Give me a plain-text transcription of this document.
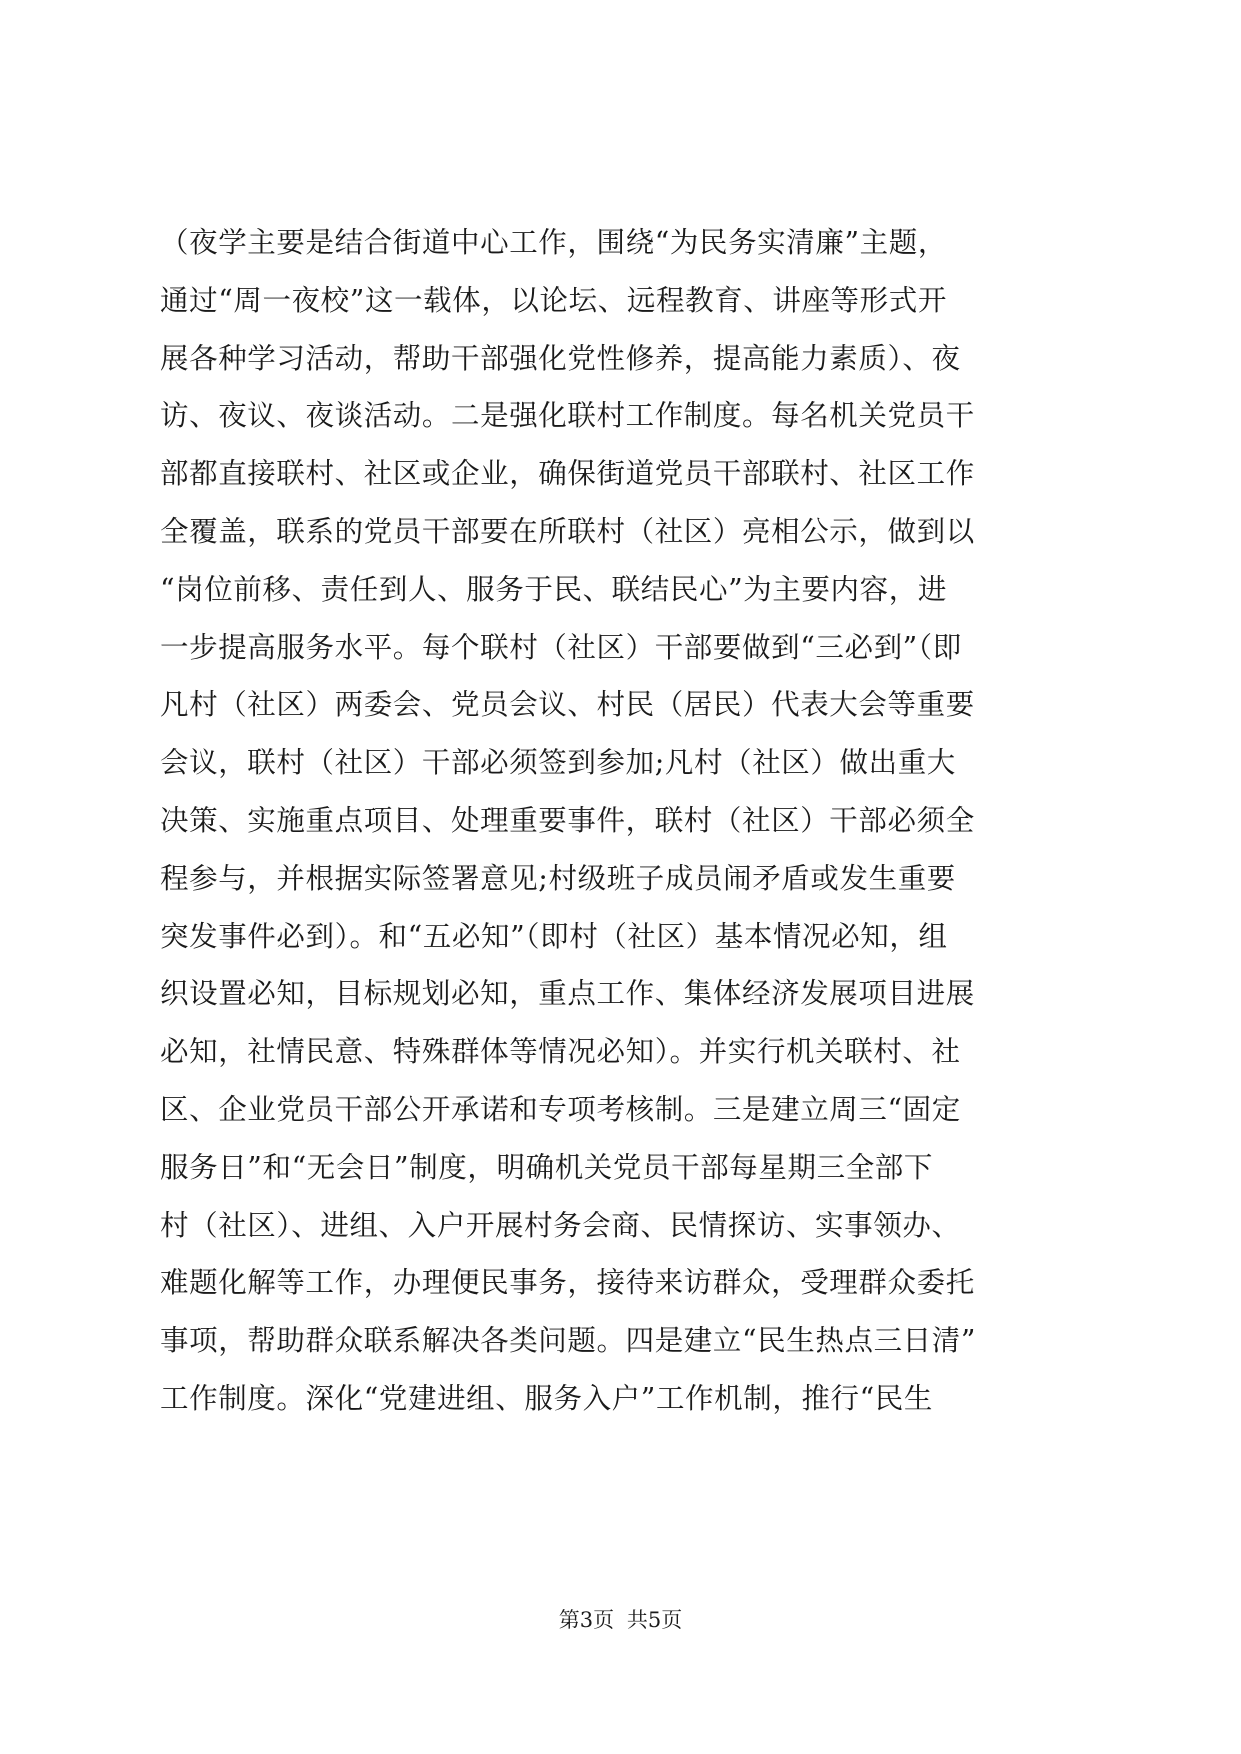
（夜学主要是结合街道中心工作，围绕“为民务实清廉”主题，
通过“周一夜校”这一载体，以论坛、远程教育、讲座等形式开
展各种学习活动，帮助干部强化党性修养，提高能力素质）、夜
访、夜议、夜谈活动。二是强化联村工作制度。每名机关党员干
部都直接联村、社区或企业，确保街道党员干部联村、社区工作
全覆盖，联系的党员干部要在所联村（社区）亮相公示，做到以
“岗位前移、责任到人、服务于民、联结民心”为主要内容，进
一步提高服务水平。每个联村（社区）干部要做到“三必到”（即
凡村（社区）两委会、党员会议、村民（居民）代表大会等重要
会议，联村（社区）干部必须签到参加;凡村（社区）做出重大
决策、实施重点项目、处理重要事件，联村（社区）干部必须全
程参与，并根据实际签署意见;村级班子成员闹矛盾或发生重要
突发事件必到）。和“五必知”（即村（社区）基本情况必知，组
织设置必知，目标规划必知，重点工作、集体经济发展项目进展
必知，社情民意、特殊群体等情况必知）。并实行机关联村、社
区、企业党员干部公开承诺和专项考核制。三是建立周三“固定
服务日”和“无会日”制度，明确机关党员干部每星期三全部下
村（社区）、进组、入户开展村务会商、民情探访、实事领办、
难题化解等工作，办理便民事务，接待来访群众，受理群众委托
事项，帮助群众联系解决各类问题。四是建立“民生热点三日清”
工作制度。深化“党建进组、服务入户”工作机制，推行“民生
第3页 共5页
